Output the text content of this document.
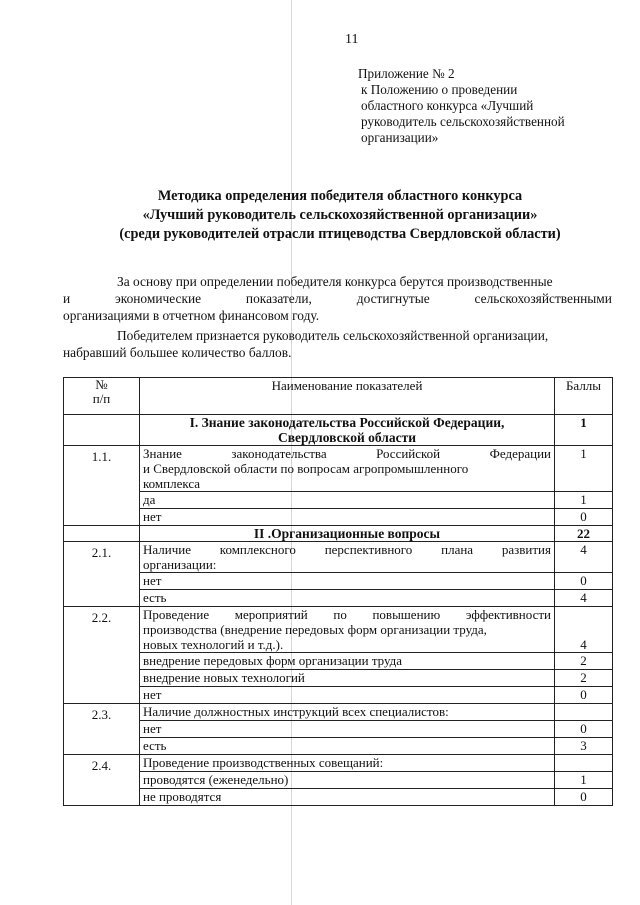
11
Приложение № 2
к Положению о проведении
областного конкурса «Лучший
руководитель сельскохозяйственной
организации»
Методика определения победителя областного конкурса
«Лучший руководитель сельскохозяйственной организации»
(среди руководителей отрасли птицеводства Свердловской области)
За основу при определении победителя конкурса берутся производственные
и	экономические	показатели,	достигнутые	сельскохозяйственными
организациями в отчетном финансовом году.
Победителем признается руководитель сельскохозяйственной организации,
набравший большее количество баллов.
№
п/п	Наименование показателей	Баллы

	I. Знание законодательства Российской Федерации,
Свердловской области	1
1.1.	Знание законодательства Российской Федерации
и Свердловской области по вопросам агропромышленного
комплекса	1
	да	1
	нет	0
	II .Организационные вопросы	22
2.1.	Наличие комплексного перспективного плана развития
организации:	4
	нет	0
	есть	4
2.2.	Проведение мероприятий по повышению эффективности
производства (внедрение передовых форм организации труда,
новых технологий и т.д.).	4
	внедрение передовых форм организации труда	2
	внедрение новых технологий	2
	нет	0
2.3.	Наличие должностных инструкций всех специалистов:	
	нет	0
	есть	3
2.4.	Проведение производственных совещаний:	
	проводятся (еженедельно)	1
	не проводятся	0
